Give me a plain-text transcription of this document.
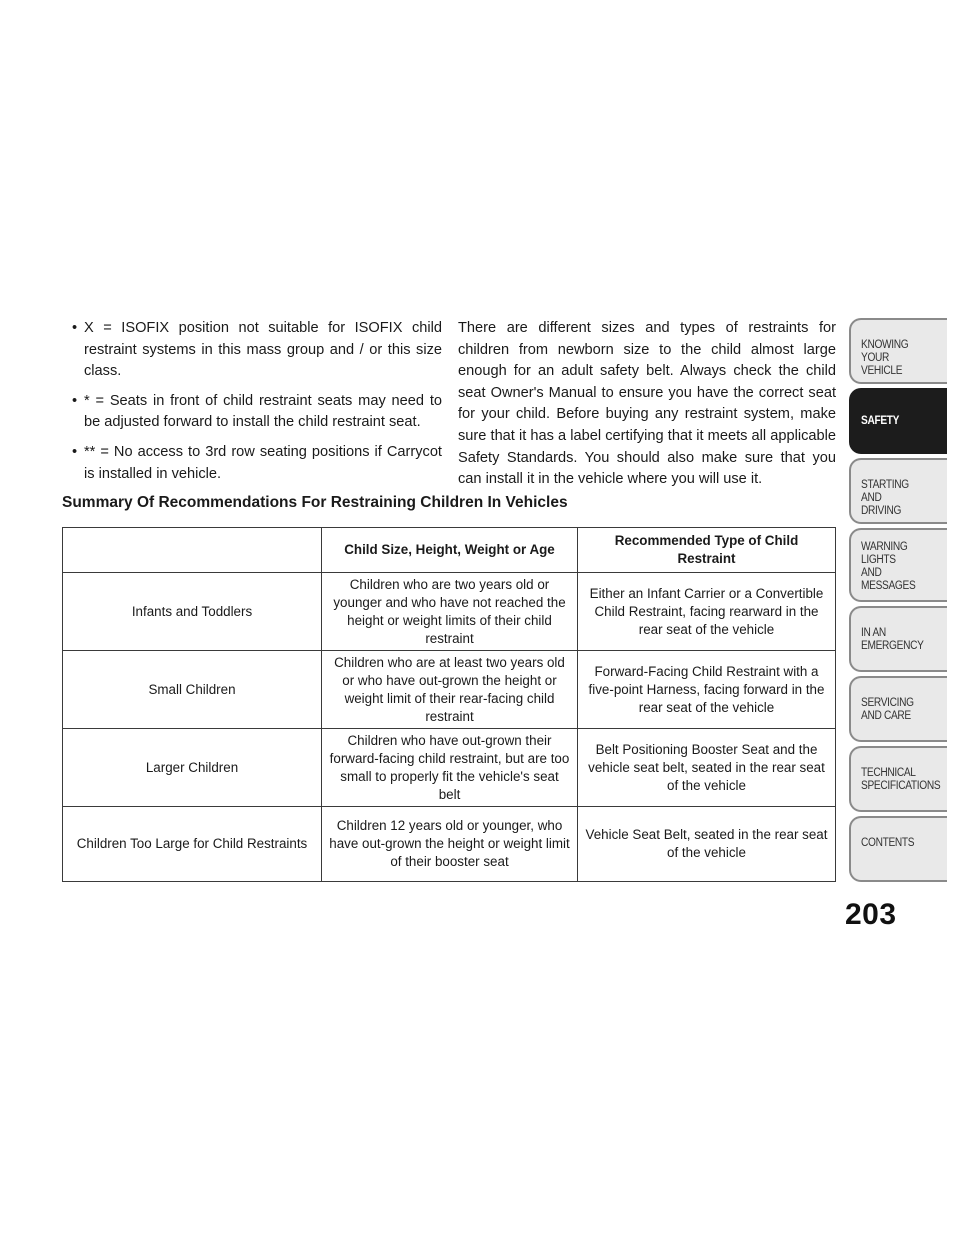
• X = ISOFIX position not suitable for ISOFIX child restraint systems in this mass group and / or this size class.
• * = Seats in front of child restraint seats may need to be adjusted forward to install the child restraint seat.
• ** = No access to 3rd row seating positions if Carrycot is installed in vehicle.

There are different sizes and types of restraints for children from newborn size to the child almost large enough for an adult safety belt. Always check the child seat Owner's Manual to ensure you have the correct seat for your child. Before buying any restraint system, make sure that it has a label certifying that it meets all applicable Safety Standards. You should also make sure that you can install it in the vehicle where you will use it.

Summary Of Recommendations For Restraining Children In Vehicles
	Child Size, Height, Weight or Age	Recommended Type of Child Restraint
Infants and Toddlers	Children who are two years old or younger and who have not reached the height or weight limits of their child restraint	Either an Infant Carrier or a Convertible Child Restraint, facing rearward in the rear seat of the vehicle
Small Children	Children who are at least two years old or who have out-grown the height or weight limit of their rear-facing child restraint	Forward-Facing Child Restraint with a five-point Harness, facing forward in the rear seat of the vehicle
Larger Children	Children who have out-grown their forward-facing child restraint, but are too small to properly fit the vehicle's seat belt	Belt Positioning Booster Seat and the vehicle seat belt, seated in the rear seat of the vehicle
Children Too Large for Child Restraints	Children 12 years old or younger, who have out-grown the height or weight limit of their booster seat	Vehicle Seat Belt, seated in the rear seat of the vehicle
KNOWING
YOUR
VEHICLE
SAFETY
STARTING
AND
DRIVING
WARNING
LIGHTS
AND
MESSAGES
IN AN
EMERGENCY
SERVICING
AND CARE
TECHNICAL
SPECIFICATIONS
CONTENTS
203
